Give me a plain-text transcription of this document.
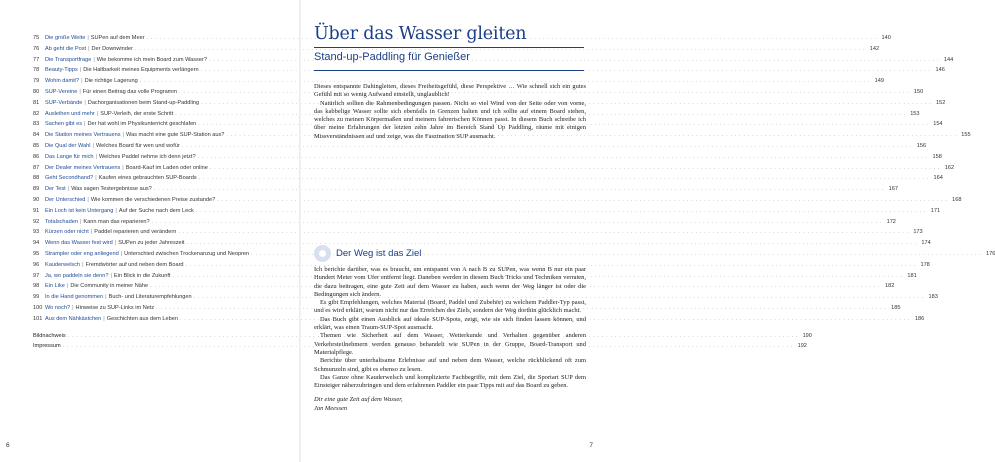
75	Die große Weite | SUPen auf dem Meer . . .	140
76	Ab geht die Post | Der Downwinder . . .	142
77	Die Transportfrage | Wie bekomme ich mein Board zum Wasser? . . .	144
78	Beauty-Tipps | Die Haltbarkeit meines Equipments verlängern . . .	146
79	Wohin damit? | Die richtige Lagerung . . .	149
80	SUP-Vereine | Für einen Beitrag das volle Programm . . .	150
81	SUP-Verbände | Dachorganisationen beim Stand-up-Paddling . . .	152
82	Ausleihen und mehr | SUP-Verleih, der erste Schritt . . .	153
83	Sachen gibt es | Der hat wohl im Physikunterricht geschlafen . . .	154
84	Die Station meines Vertrauens | Was macht eine gute SUP-Station aus? . . .	155
85	Die Qual der Wahl | Welches Board für wen und wofür . . .	156
86	Das Lange für mich | Welches Paddel nehme ich denn jetzt? . . .	158
87	Der Dealer meines Vertrauens | Board-Kauf im Laden oder online . . .	162
88	Geht Secondhand? | Kaufen eines gebrauchten SUP-Boards . . .	164
89	Der Test | Was sagen Testergebnisse aus? . . .	167
90	Der Unterschied | Wie kommen die verschiedenen Preise zustande? . . .	168
91	Ein Loch ist kein Untergang | Auf der Suche nach dem Leck . . .	171
92	Totalschaden | Kann man das reparieren? . . .	172
93	Kürzen oder nicht | Paddel reparieren und verändern . . .	173
94	Wenn das Wasser fest wird | SUPen zu jeder Jahreszeit . . .	174
95	Strampler oder eng anliegend | Unterschied zwischen Trockenanzug und Neopren . . .	176
96	Kauderwelsch | Fremdwörter auf und neben dem Board . . .	178
97	Ja, wo paddeln sie denn? | Ein Blick in die Zukunft . . .	181
98	Ein Like | Die Community in meiner Nähe . . .	182
99	In die Hand genommen | Buch- und Literaturempfehlungen . . .	183
100 Wo noch? | Hinweise zu SUP-Links im Netz . . .	185
101 Aus dem Nähkästchen | Geschichten aus dem Leben . . .	186
Bildnachweis . . .	190
Impressum . . .	192
6
Über das Wasser gleiten
Stand-up-Paddling für Genießer

Dieses entspannte Dahingleiten, dieses Freiheitsgefühl, diese Perspektive … Wie schnell sich ein gutes Gefühl mit so wenig Aufwand einstellt, unglaublich!

Natürlich sollten die Rahmenbedingungen passen. Nicht so viel Wind von der Seite oder von vorne, das kabbelige Wasser sollte sich ebenfalls in Grenzen halten und ich sollte auf einem Board stehen, welches zu meinen Körpermaßen und meinem fahrerischen Können passt. In diesem Buch schreibe ich über meine Erfahrungen der letzten zehn Jahre im Bereich Stand Up Paddling, räume mit einigen Missverständnissen auf und zeige, was die Faszination SUP ausmacht.

Der Weg ist das Ziel

Ich berichte darüber, was es braucht, um entspannt von A nach B zu SUPen, was wenn B nur ein paar Hundert Meter vom Ufer entfernt liegt. Daneben werden in diesem Buch Tricks und Techniken verraten, die dazu beitragen, eine gute Zeit auf dem Wasser zu haben, auch wenn der Weg länger ist oder die Bedingungen sich ändern.

Es gibt Empfehlungen, welches Material (Board, Paddel und Zubehör) zu welchem Paddler-Typ passt, und es wird erklärt, warum nicht nur das Erreichen des Ziels, sondern der Weg dorthin glücklich macht.

Das Buch gibt einen Ausblick auf ideale SUP-Spots, zeigt, wie sie sich finden lassen können, und erklärt, was einen Traum-SUP-Spot ausmacht.

Themen wie Sicherheit auf dem Wasser, Wetterkunde und Verhalten gegenüber anderen Verkehrsteilnehmern werden genauso behandelt wie SUPen in der Gruppe, Board-Transport und Materialpflege.

Berichte über unterhaltsame Erlebnisse auf und neben dem Wasser, welche rückblickend oft zum Schmunzeln sind, gibt es ebenso zu lesen.

Das Ganze ohne Kauderwelsch und komplizierte Fachbegriffe, mit dem Ziel, die Sportart SUP dem Einsteiger näherzubringen und dem erfahrenen Paddler ein paar Tipps mit auf das Board zu geben.

Dir eine gute Zeit auf dem Wasser,

Jan Meessen

7
